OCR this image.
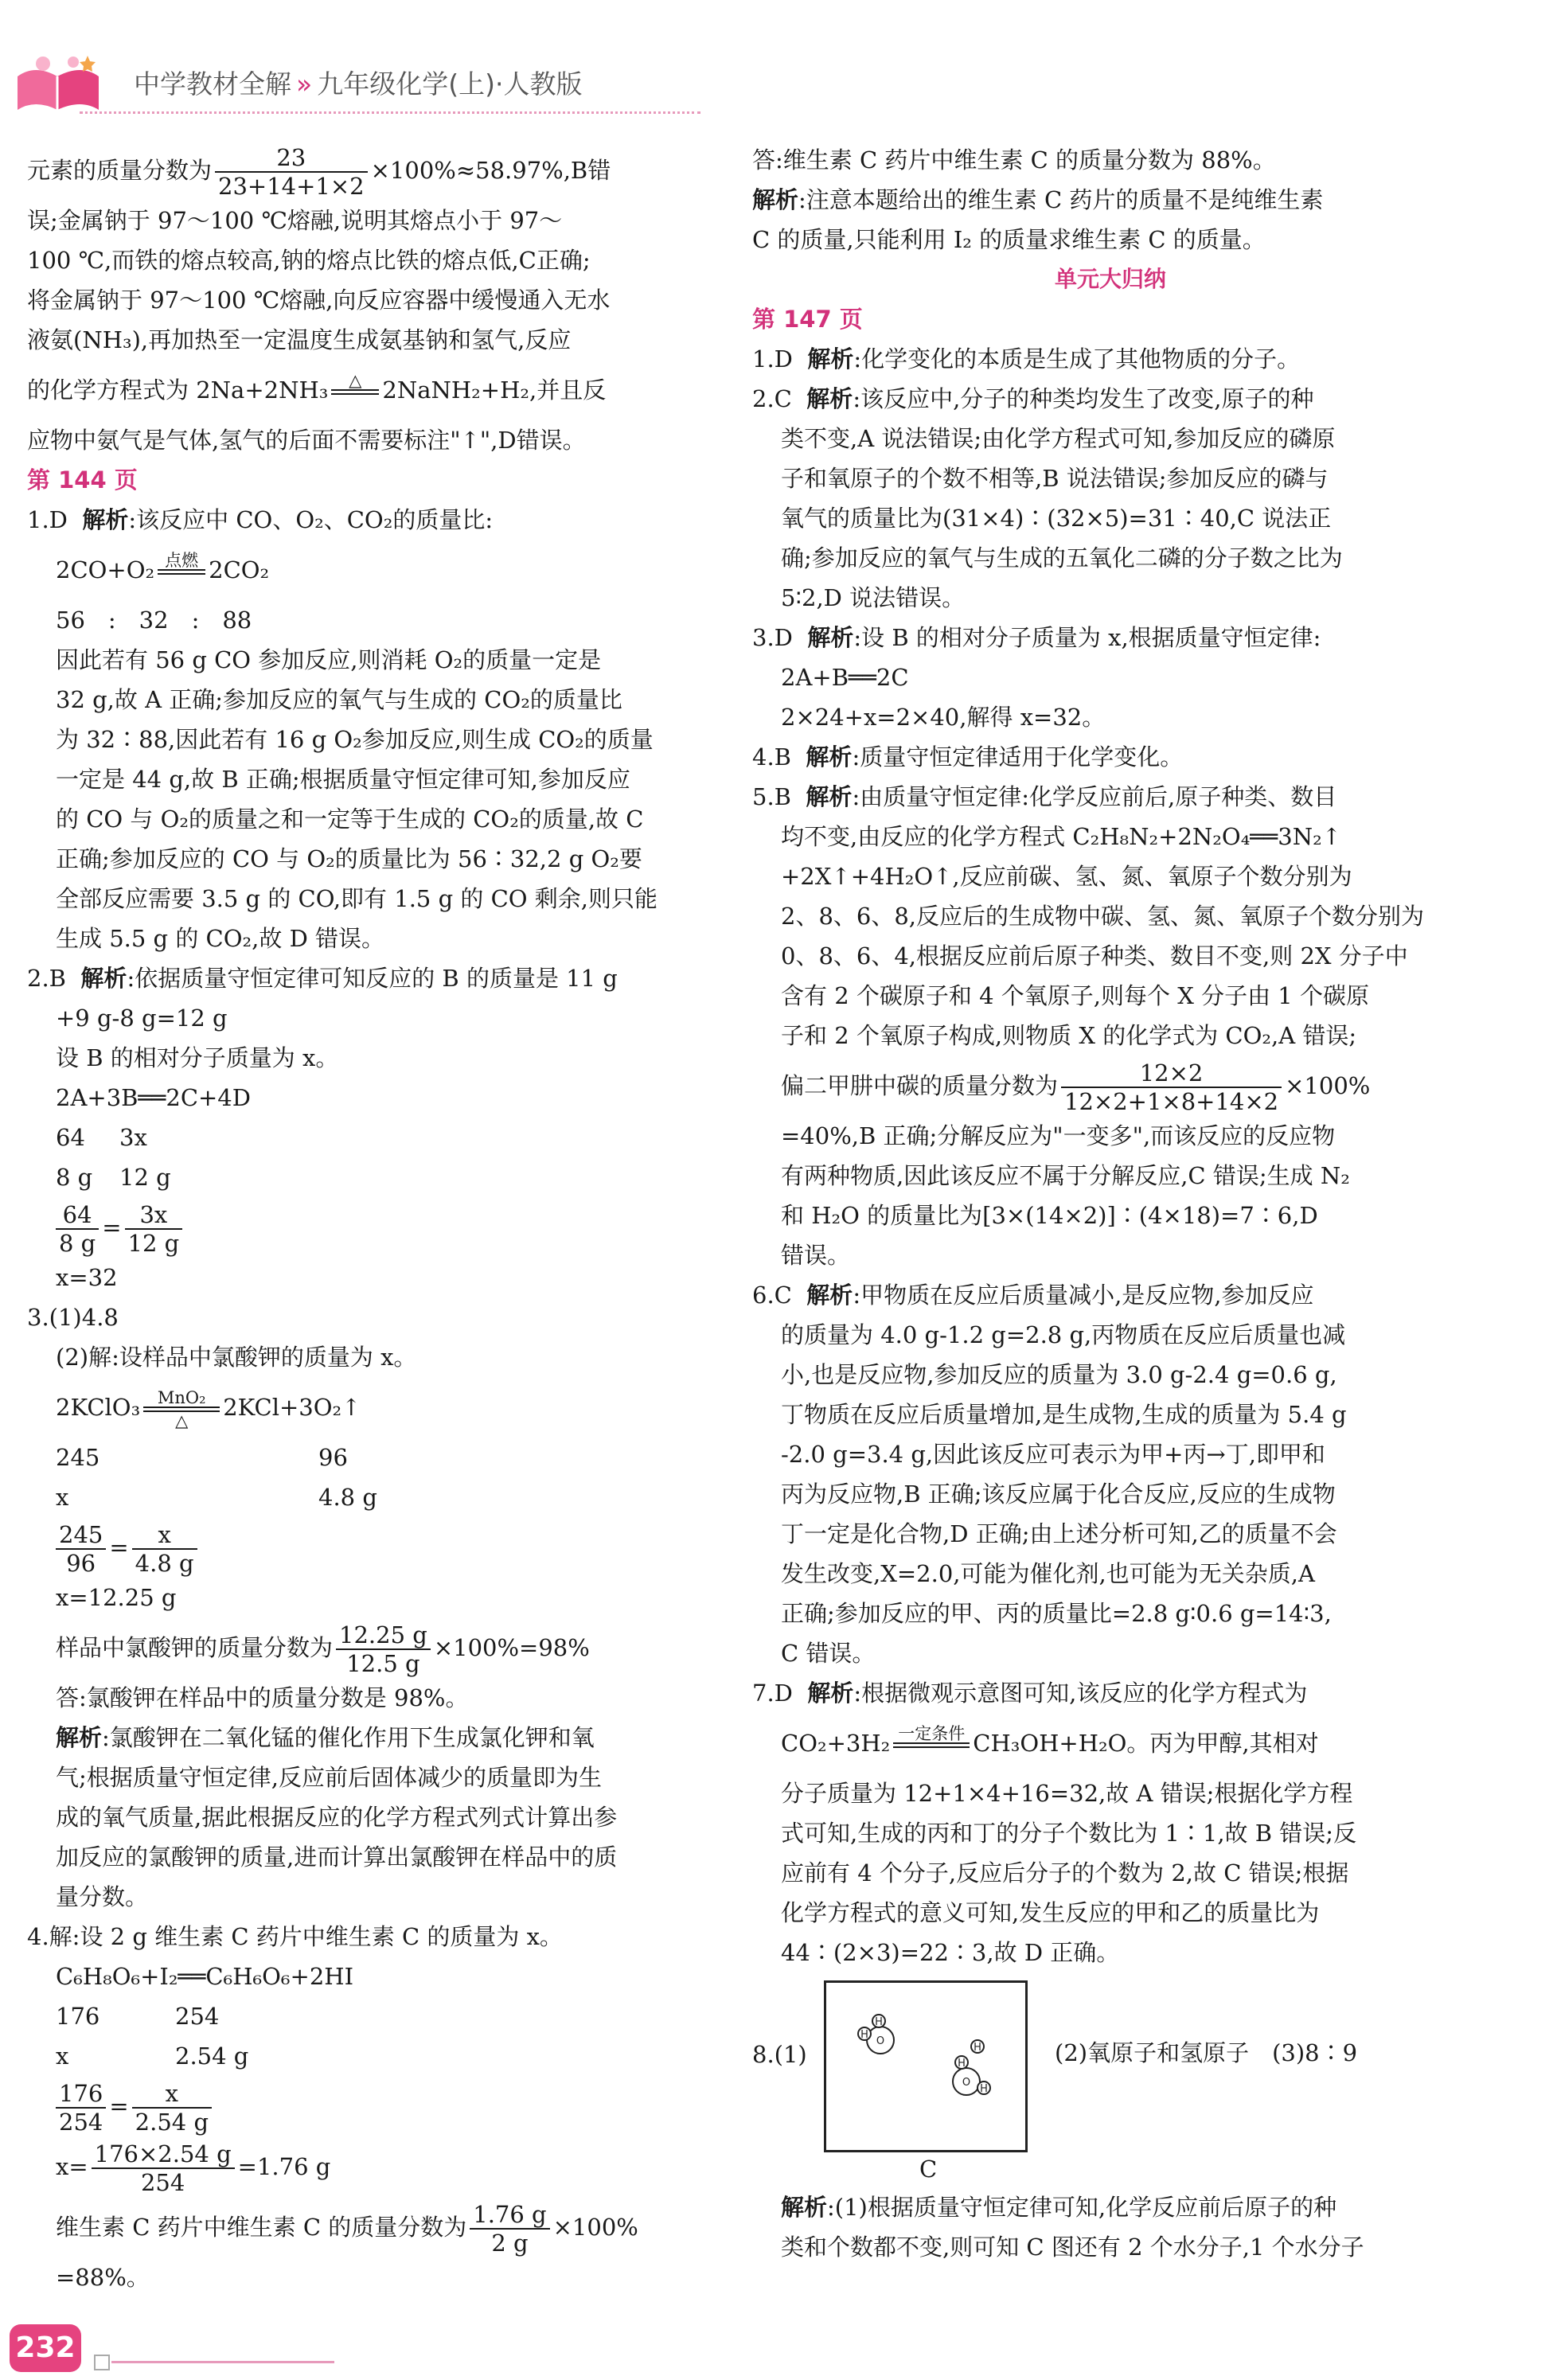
中学教材全解 » 九年级化学(上)·人教版

元素的质量分数为 $\frac{23}{23+14+1\times 2} \times 100\%\approx 58.97\%,B$错

误;金属钠于 97～100 ℃熔融,说明其熔点小于 97～

100 ℃,而铁的熔点较高,钠的熔点比铁的熔点低,C正确;

将金属钠于 97～100 ℃熔融,向反应容器中缓慢通入无水

液氨(NH₃),再加热至一定温度生成氨基钠和氢气,反应

的化学方程式为 2Na+2NH₃	△
2NaNH₂+H₂,并且反

应物中氨气是气体,氢气的后面不需要标注"↑",D错误。

第 144 页

1.D 解析:该反应中 CO、O₂、CO₂的质量比:

2CO+O₂ 点燃
2CO₂

56　:　32　:　88

因此若有 56 g CO 参加反应,则消耗 O₂的质量一定是

32 g,故 A 正确;参加反应的氧气与生成的 CO₂的质量比

为 32∶88,因此若有 16 g O₂参加反应,则生成 CO₂的质量

一定是 44 g,故 B 正确;根据质量守恒定律可知,参加反应

的 CO 与 O₂的质量之和一定等于生成的 CO₂的质量,故 C

正确;参加反应的 CO 与 O₂的质量比为 56∶32,2 g O₂要

全部反应需要 3.5 g 的 CO,即有 1.5 g 的 CO 剩余,则只能

生成 5.5 g 的 CO₂,故 D 错误。

2.B 解析:依据质量守恒定律可知反应的 B 的质量是 11 g

+9 g-8 g=12 g

设 B 的相对分子质量为 x。

2A+3B══2C+4D

64 3x

8 g 12 g

$\frac{64}{8 g} = \frac{3x}{12 g}$

x=32

3.(1)4.8

(2)解:设样品中氯酸钾的质量为 x。

2KClO₃	MnO₂
△	2KCl+3O₂↑

245	96

x	4.8 g

$\frac{245}{96} = \frac{x}{4.8 g}$

x=12.25 g

样品中氯酸钾的质量分数为 $\frac{12.25 g}{12.5 g} \times 100\%=98\%$

答:氯酸钾在样品中的质量分数是 98%。

解析:氯酸钾在二氧化锰的催化作用下生成氯化钾和氧

气;根据质量守恒定律,反应前后固体减少的质量即为生

成的氧气质量,据此根据反应的化学方程式列式计算出参

加反应的氯酸钾的质量,进而计算出氯酸钾在样品中的质

量分数。

4.解:设 2 g 维生素 C 药片中维生素 C 的质量为 x。

C₆H₈O₆+I₂══C₆H₆O₆+2HI

176	254

x	2.54 g

$\frac{176}{254} = \frac{x}{2.54 g}$

$x= \frac{176\times 2.54 g}{254} =1.76$ g

维生素 C 药片中维生素 C 的质量分数为 $\frac{1.76 g}{2 g} \times 100\%$

=88%。

答:维生素 C 药片中维生素 C 的质量分数为 88%。

解析:注意本题给出的维生素 C 药片的质量不是纯维生素

C 的质量,只能利用 I₂ 的质量求维生素 C 的质量。

单元大归纳

第 147 页

1.D 解析:化学变化的本质是生成了其他物质的分子。

2.C 解析:该反应中,分子的种类均发生了改变,原子的种

类不变,A 说法错误;由化学方程式可知,参加反应的磷原

子和氧原子的个数不相等,B 说法错误;参加反应的磷与

氧气的质量比为(31×4)∶(32×5)=31∶40,C 说法正

确;参加反应的氧气与生成的五氧化二磷的分子数之比为

5∶2,D 说法错误。

3.D 解析:设 B 的相对分子质量为 x,根据质量守恒定律:

2A+B══2C

2×24+x=2×40,解得 x=32。

4.B 解析:质量守恒定律适用于化学变化。

5.B 解析:由质量守恒定律:化学反应前后,原子种类、数目

均不变,由反应的化学方程式 C₂H₈N₂+2N₂O₄══3N₂↑

+2X↑+4H₂O↑,反应前碳、氢、氮、氧原子个数分别为

2、8、6、8,反应后的生成物中碳、氢、氮、氧原子个数分别为

0、8、6、4,根据反应前后原子种类、数目不变,则 2X 分子中

含有 2 个碳原子和 4 个氧原子,则每个 X 分子由 1 个碳原

子和 2 个氧原子构成,则物质 X 的化学式为 CO₂,A 错误;

偏二甲肼中碳的质量分数为 $\frac{12\times 2}{12\times 2+1\times 8+14\times 2} \times 100\%$

=40%,B 正确;分解反应为"一变多",而该反应的反应物

有两种物质,因此该反应不属于分解反应,C 错误;生成 N₂

和 H₂O 的质量比为[3×(14×2)]∶(4×18)=7∶6,D

错误。

6.C 解析:甲物质在反应后质量减小,是反应物,参加反应

的质量为 4.0 g-1.2 g=2.8 g,丙物质在反应后质量也减

小,也是反应物,参加反应的质量为 3.0 g-2.4 g=0.6 g,

丁物质在反应后质量增加,是生成物,生成的质量为 5.4 g

-2.0 g=3.4 g,因此该反应可表示为甲+丙→丁,即甲和

丙为反应物,B 正确;该反应属于化合反应,反应的生成物

丁一定是化合物,D 正确;由上述分析可知,乙的质量不会

发生改变,X=2.0,可能为催化剂,也可能为无关杂质,A

正确;参加反应的甲、丙的质量比=2.8 g∶0.6 g=14∶3,

C 错误。

7.D 解析:根据微观示意图可知,该反应的化学方程式为

CO₂+3H₂ 一定条件
CH₃OH+H₂O。丙为甲醇,其相对

分子质量为 12+1×4+16=32,故 A 错误;根据化学方程

式可知,生成的丙和丁的分子个数比为 1∶1,故 B 错误;反

应前有 4 个分子,反应后分子的个数为 2,故 C 错误;根据

化学方程式的意义可知,发生反应的甲和乙的质量比为

44∶(2×3)=22∶3,故 D 正确。

8.(1)	O
H
H
O
H
H
H
C
(2)氧原子和氢原子　(3)8∶9

解析:(1)根据质量守恒定律可知,化学反应前后原子的种

类和个数都不变,则可知 C 图还有 2 个水分子,1 个水分子

232
